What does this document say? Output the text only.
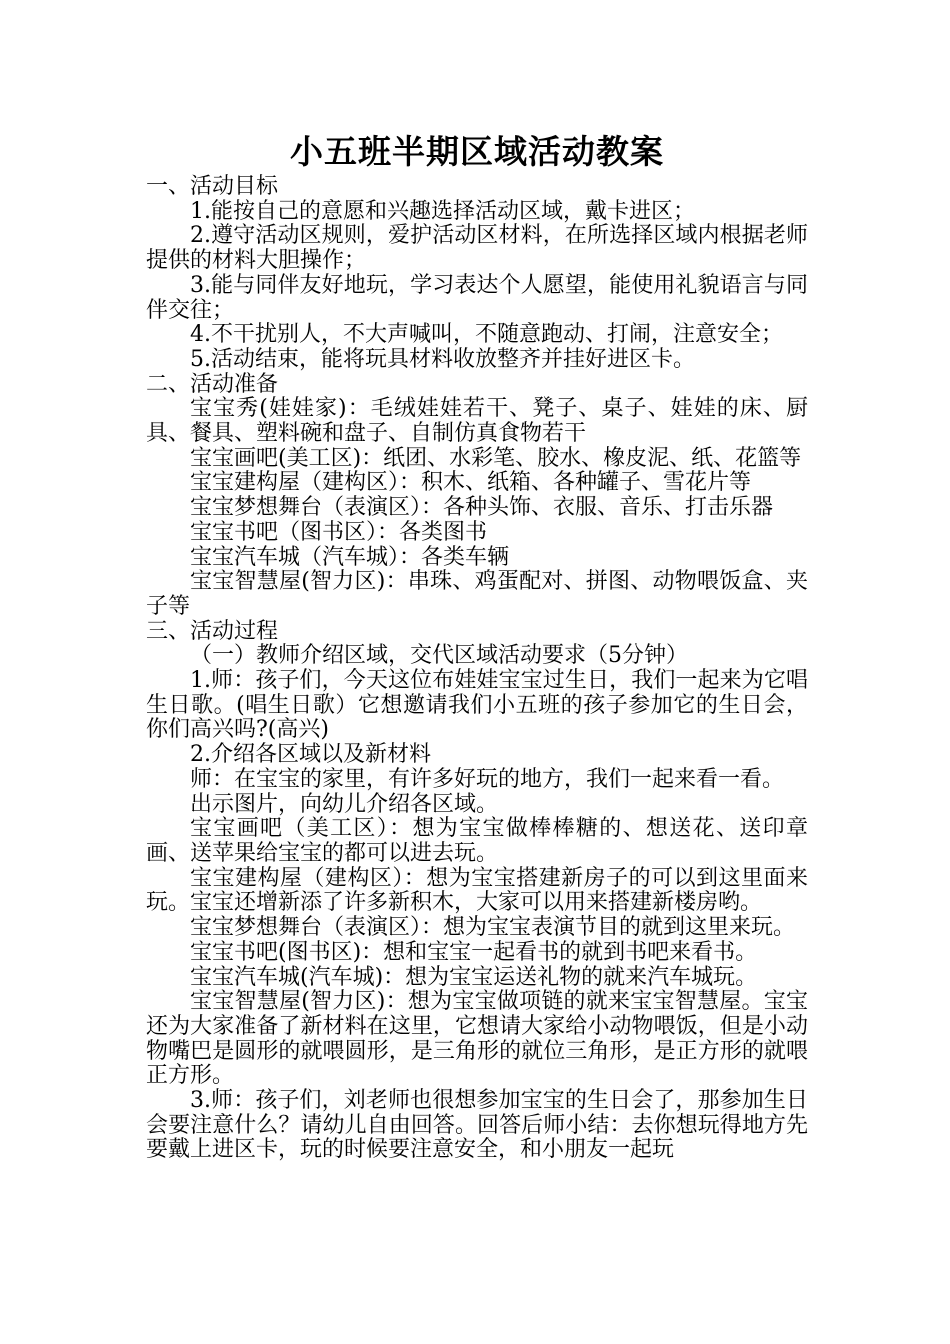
小五班半期区域活动教案

一、活动目标

1.能按自己的意愿和兴趣选择活动区域，戴卡进区；

2.遵守活动区规则，爱护活动区材料，在所选择区域内根据老师提供的材料大胆操作；

3.能与同伴友好地玩，学习表达个人愿望，能使用礼貌语言与同伴交往；

4.不干扰别人，不大声喊叫，不随意跑动、打闹，注意安全；

5.活动结束，能将玩具材料收放整齐并挂好进区卡。

二、活动准备

宝宝秀(娃娃家)：毛绒娃娃若干、凳子、桌子、娃娃的床、厨具、餐具、塑料碗和盘子、自制仿真食物若干

宝宝画吧(美工区)：纸团、水彩笔、胶水、橡皮泥、纸、花篮等

宝宝建构屋（建构区）：积木、纸箱、各种罐子、雪花片等

宝宝梦想舞台（表演区）：各种头饰、衣服、音乐、打击乐器

宝宝书吧（图书区）：各类图书

宝宝汽车城（汽车城）：各类车辆

宝宝智慧屋(智力区)：串珠、鸡蛋配对、拼图、动物喂饭盒、夹子等

三、活动过程

（一）教师介绍区域，交代区域活动要求（5分钟）

1.师：孩子们，今天这位布娃娃宝宝过生日，我们一起来为它唱生日歌。(唱生日歌）它想邀请我们小五班的孩子参加它的生日会，你们高兴吗?(高兴)

2.介绍各区域以及新材料

师：在宝宝的家里，有许多好玩的地方，我们一起来看一看。

出示图片，向幼儿介绍各区域。

宝宝画吧（美工区）：想为宝宝做棒棒糖的、想送花、送印章画、送苹果给宝宝的都可以进去玩。

宝宝建构屋（建构区）：想为宝宝搭建新房子的可以到这里面来玩。宝宝还增新添了许多新积木，大家可以用来搭建新楼房哟。

宝宝梦想舞台（表演区）：想为宝宝表演节目的就到这里来玩。

宝宝书吧(图书区)：想和宝宝一起看书的就到书吧来看书。

宝宝汽车城(汽车城)：想为宝宝运送礼物的就来汽车城玩。

宝宝智慧屋(智力区)：想为宝宝做项链的就来宝宝智慧屋。宝宝还为大家准备了新材料在这里，它想请大家给小动物喂饭，但是小动物嘴巴是圆形的就喂圆形，是三角形的就位三角形，是正方形的就喂正方形。

3.师：孩子们，刘老师也很想参加宝宝的生日会了，那参加生日会要注意什么？请幼儿自由回答。回答后师小结：去你想玩得地方先要戴上进区卡，玩的时候要注意安全，和小朋友一起玩
